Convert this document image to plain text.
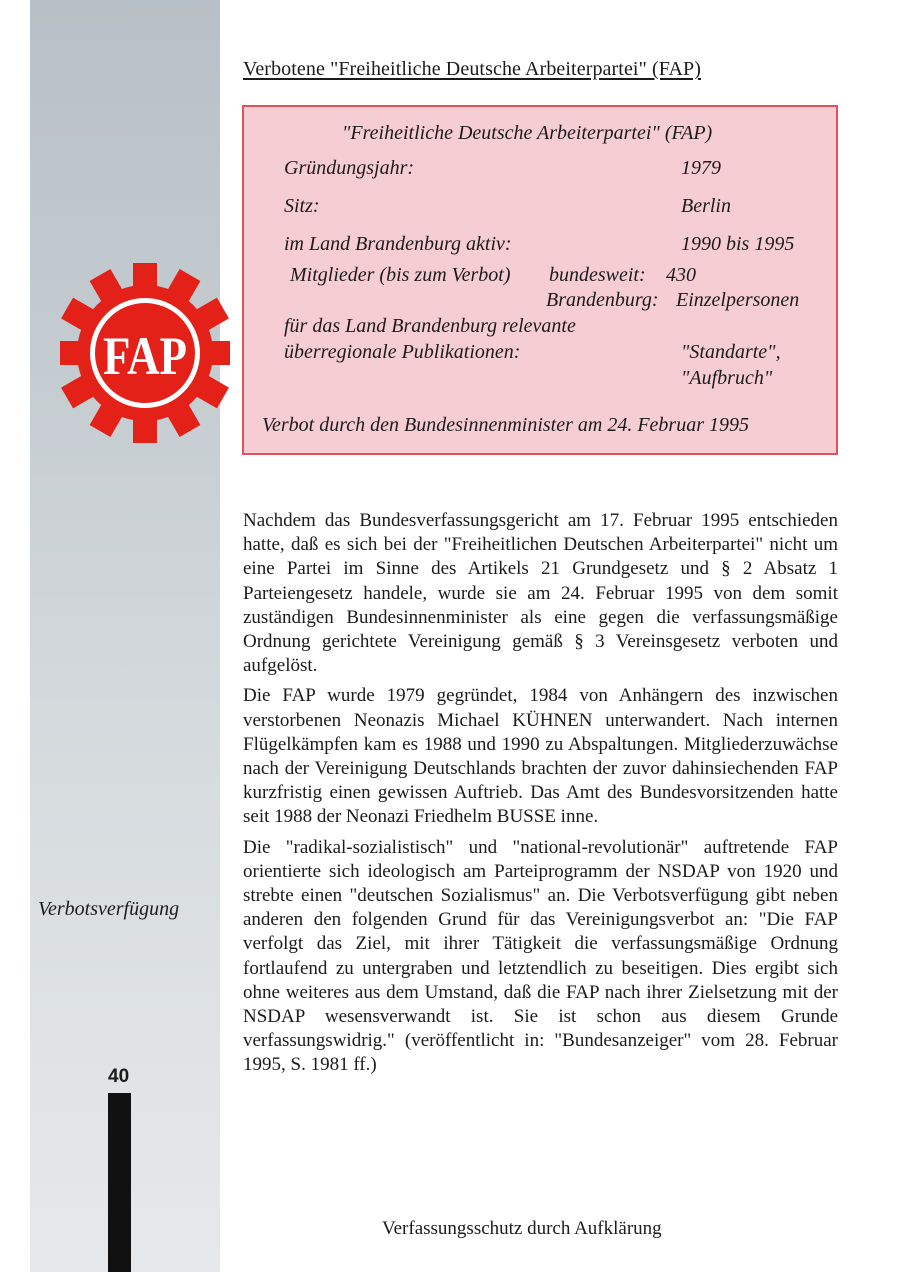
Verbotene "Freiheitliche Deutsche Arbeiterpartei" (FAP)
"Freiheitliche Deutsche Arbeiterpartei" (FAP)
Gründungsjahr:	1979
Sitz:	Berlin
im Land Brandenburg aktiv:	1990 bis 1995
Mitglieder (bis zum Verbot) bundesweit: 430
Brandenburg: Einzelpersonen
für das Land Brandenburg relevante
überregionale Publikationen:	"Standarte",
"Aufbruch"
Verbot durch den Bundesinnenminister am 24. Februar 1995
FAP

Nachdem das Bundesverfassungsgericht am 17. Februar 1995 entschieden hatte, daß es sich bei der "Freiheitlichen Deutschen Arbeiterpartei" nicht um eine Partei im Sinne des Artikels 21 Grundgesetz und § 2 Absatz 1 Parteiengesetz handele, wurde sie am 24. Februar 1995 von dem somit zuständigen Bundesinnenminister als eine gegen die verfassungsmäßige Ordnung gerichtete Vereinigung gemäß § 3 Vereinsgesetz verboten und aufgelöst.

Die FAP wurde 1979 gegründet, 1984 von Anhängern des inzwischen verstorbenen Neonazis Michael KÜHNEN unterwandert. Nach internen Flügelkämpfen kam es 1988 und 1990 zu Abspaltungen. Mitgliederzuwächse nach der Vereinigung Deutschlands brachten der zuvor dahinsiechenden FAP kurzfristig einen gewissen Auftrieb. Das Amt des Bundesvorsitzenden hatte seit 1988 der Neonazi Friedhelm BUSSE inne.

Die "radikal-sozialistisch" und "national-revolutionär" auftretende FAP orientierte sich ideologisch am Parteiprogramm der NSDAP von 1920 und strebte einen "deutschen Sozialismus" an. Die Verbotsverfügung gibt neben anderen den folgenden Grund für das Vereinigungsverbot an: "Die FAP verfolgt das Ziel, mit ihrer Tätigkeit die verfassungsmäßige Ordnung fortlaufend zu untergraben und letztendlich zu beseitigen. Dies ergibt sich ohne weiteres aus dem Umstand, daß die FAP nach ihrer Zielsetzung mit der NSDAP wesensverwandt ist. Sie ist schon aus diesem Grunde verfassungswidrig." (veröffentlicht in: "Bundesanzeiger" vom 28. Februar 1995, S. 1981 ff.)

Verbotsverfügung
40
Verfassungsschutz durch Aufklärung
